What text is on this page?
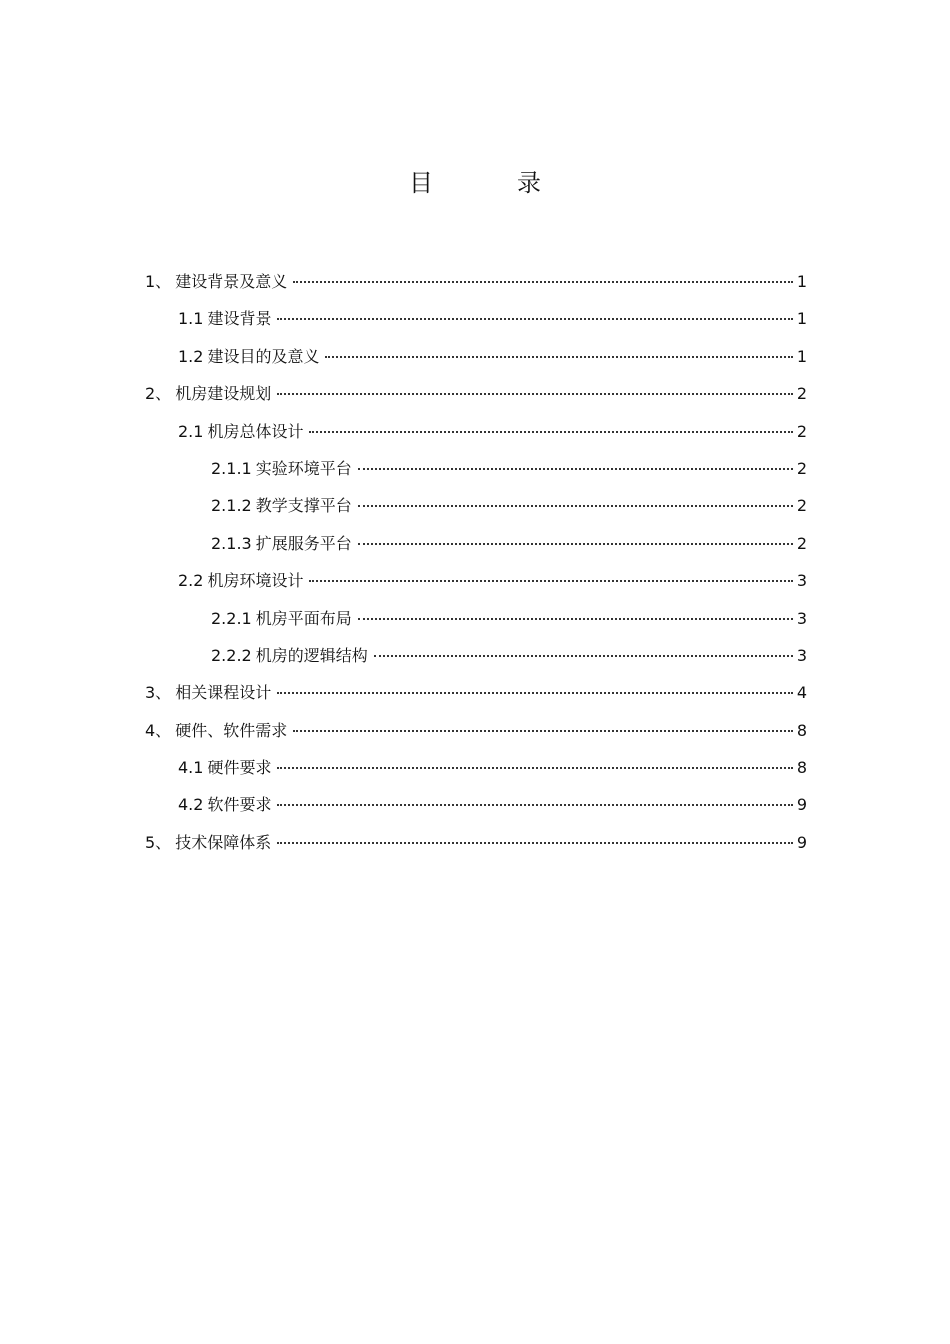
目　录
1、 建设背景及意义	1
1.1 建设背景	1
1.2 建设目的及意义	1
2、 机房建设规划	2
2.1 机房总体设计	2
2.1.1 实验环境平台	2
2.1.2 教学支撑平台	2
2.1.3 扩展服务平台	2
2.2 机房环境设计	3
2.2.1 机房平面布局	3
2.2.2 机房的逻辑结构	3
3、 相关课程设计	4
4、 硬件、软件需求	8
4.1 硬件要求	8
4.2 软件要求	9
5、 技术保障体系	9
